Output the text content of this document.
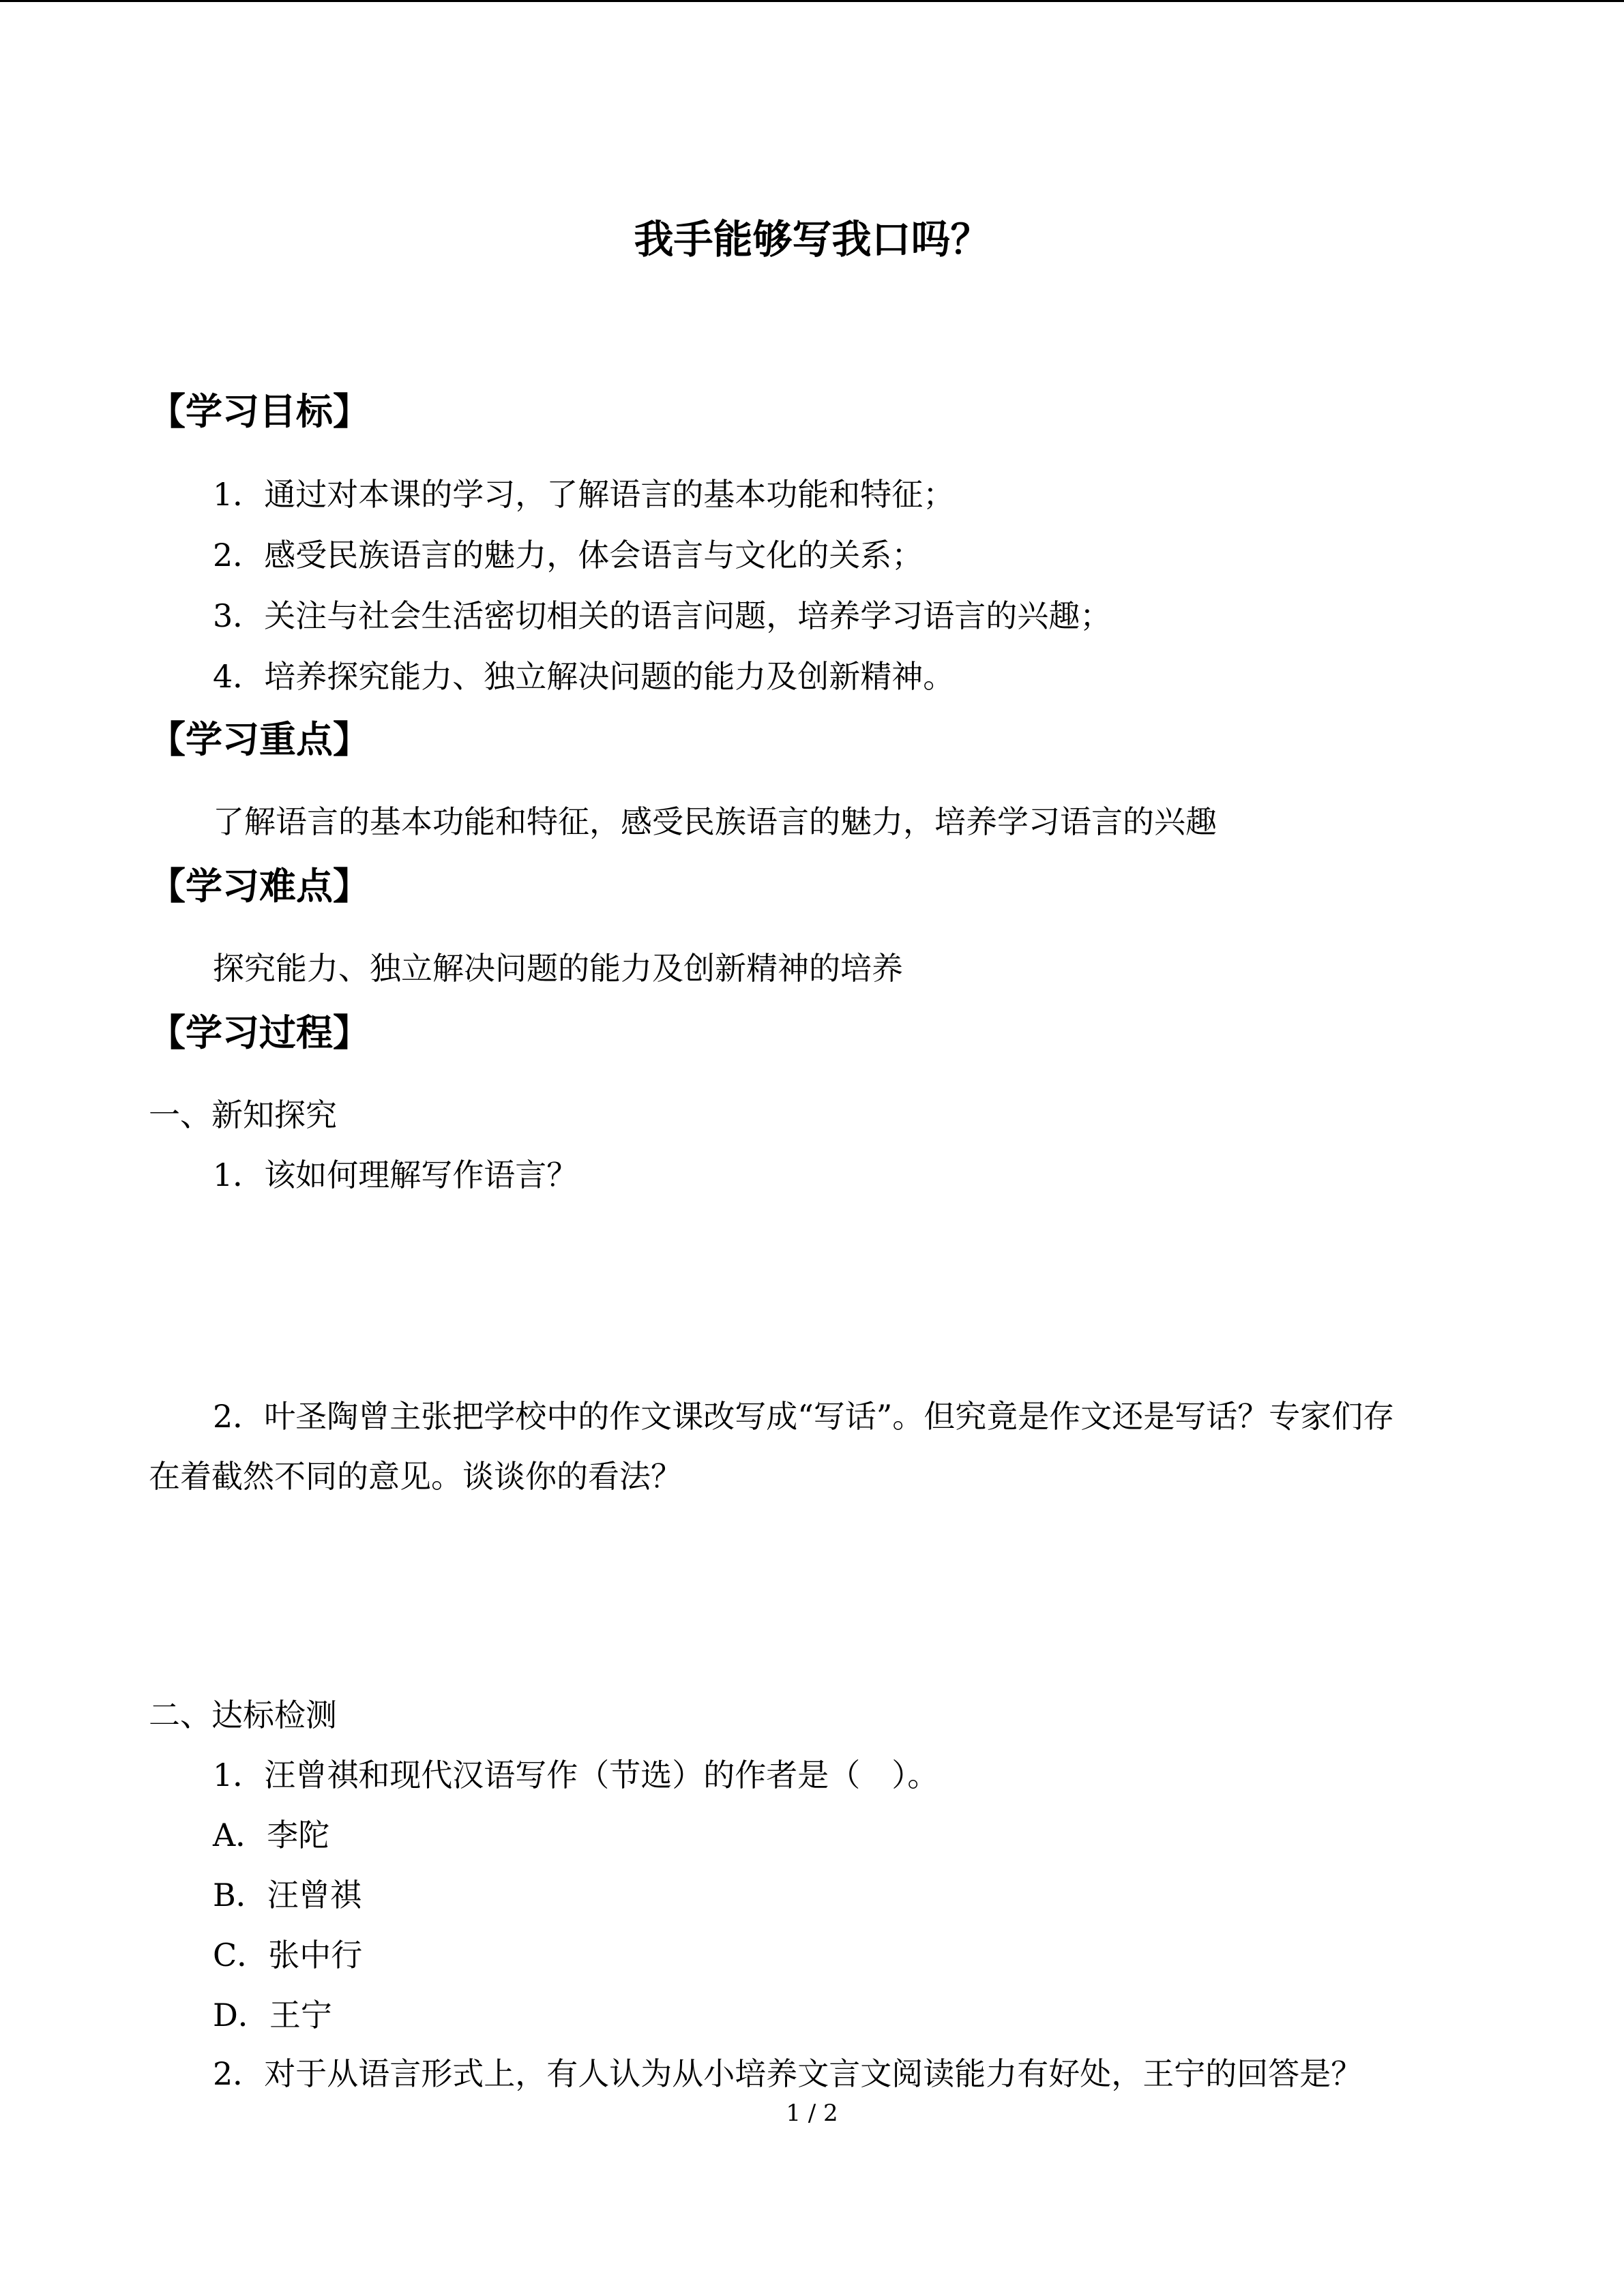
我手能够写我口吗？
【学习目标】
1．通过对本课的学习，了解语言的基本功能和特征；
2．感受民族语言的魅力，体会语言与文化的关系；
3．关注与社会生活密切相关的语言问题，培养学习语言的兴趣；
4．培养探究能力、独立解决问题的能力及创新精神。
【学习重点】
了解语言的基本功能和特征，感受民族语言的魅力，培养学习语言的兴趣
【学习难点】
探究能力、独立解决问题的能力及创新精神的培养
【学习过程】
一、新知探究
1．该如何理解写作语言？
2．叶圣陶曾主张把学校中的作文课改写成“写话”。但究竟是作文还是写话？专家们存
在着截然不同的意见。谈谈你的看法？
二、达标检测
1．汪曾祺和现代汉语写作（节选）的作者是（　）。
A．李陀
B．汪曾祺
C．张中行
D．王宁
2．对于从语言形式上，有人认为从小培养文言文阅读能力有好处，王宁的回答是？
1 / 2
